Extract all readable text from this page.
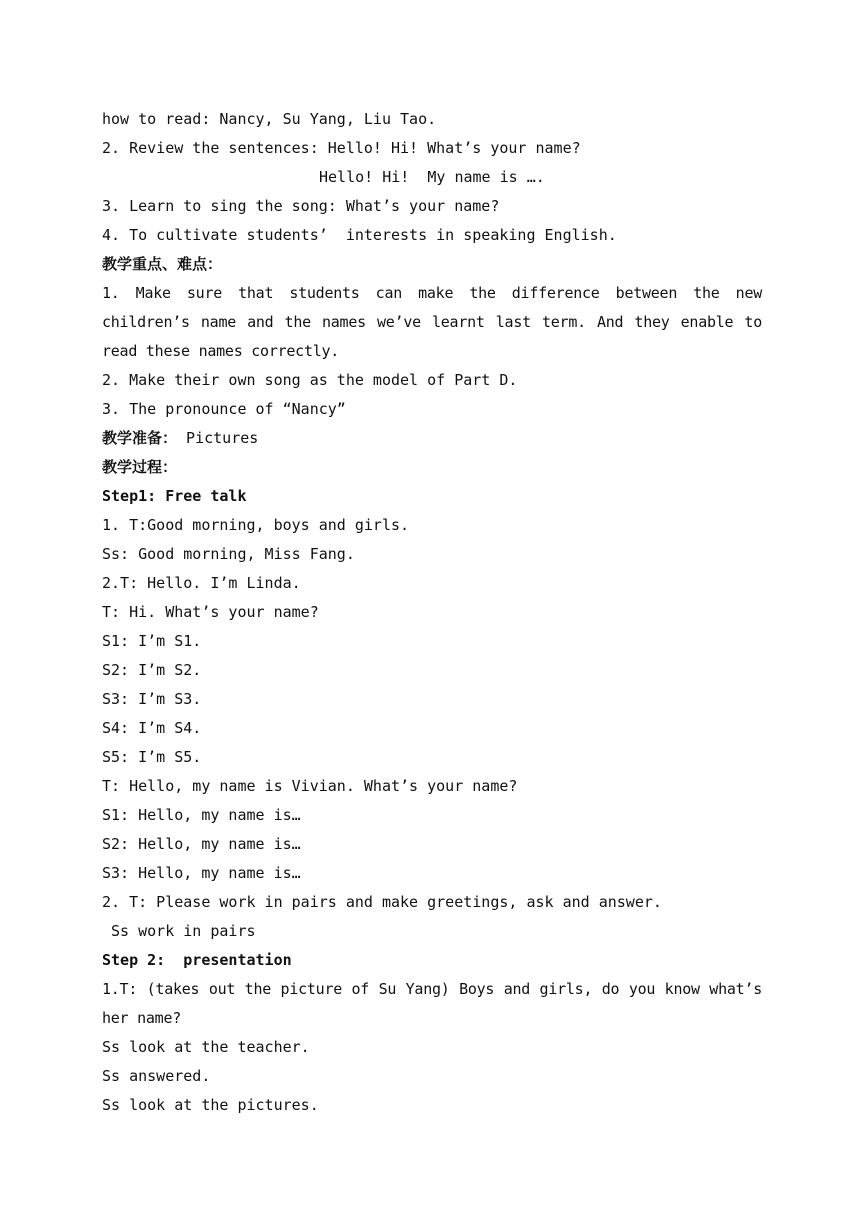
how to read: Nancy, Su Yang, Liu Tao.
2. Review the sentences: Hello! Hi! What’s your name?
Hello! Hi!  My name is ….
3. Learn to sing the song: What’s your name?
4. To cultivate students’  interests in speaking English.
教学重点、难点：
1. Make sure that students can make the difference between the new children’s name and the names we’ve learnt last term. And they enable to read these names correctly.
2. Make their own song as the model of Part D.
3. The pronounce of “Nancy”
教学准备： Pictures
教学过程：
Step1: Free talk
1. T:Good morning, boys and girls.
Ss: Good morning, Miss Fang.
2.T: Hello. I’m Linda.
T: Hi. What’s your name?
S1: I’m S1.
S2: I’m S2.
S3: I’m S3.
S4: I’m S4.
S5: I’m S5.
T: Hello, my name is Vivian. What’s your name?
S1: Hello, my name is…
S2: Hello, my name is…
S3: Hello, my name is…
2. T: Please work in pairs and make greetings, ask and answer.
Ss work in pairs
Step 2:  presentation
1.T: (takes out the picture of Su Yang) Boys and girls, do you know what’s her name?
Ss look at the teacher.
Ss answered.
Ss look at the pictures.
